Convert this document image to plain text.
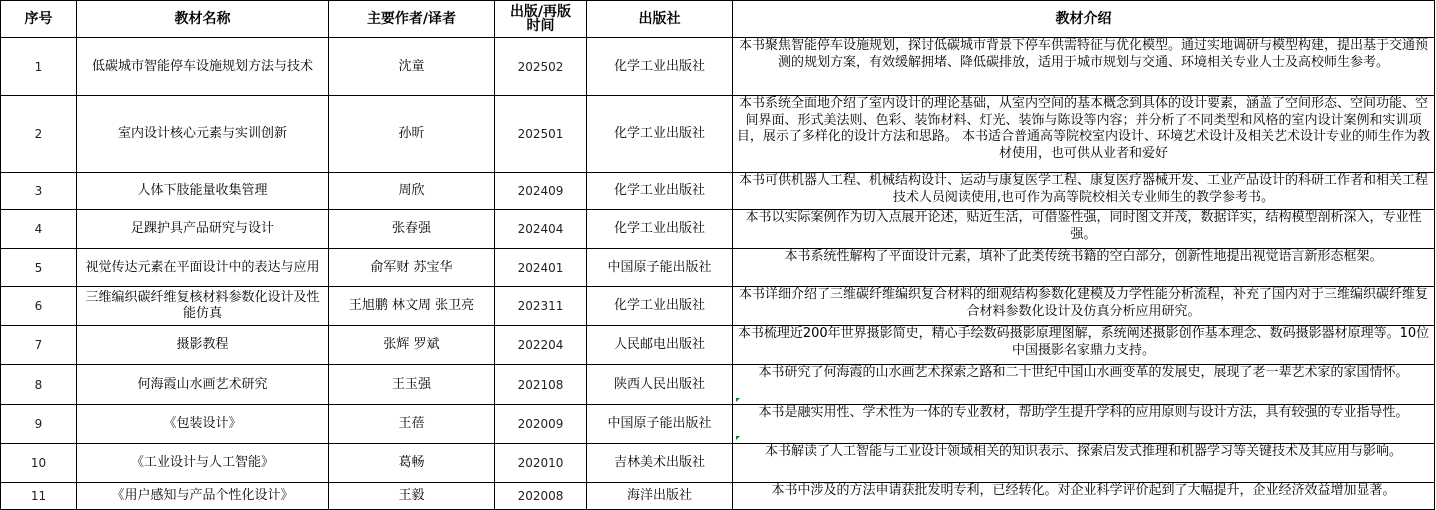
序号	教材名称	主要作者/译者	出版/再版时间	出版社	教材介绍

1	低碳城市智能停车设施规划方法与技术	沈童	202502	化学工业出版社	本书聚焦智能停车设施规划，探讨低碳城市背景下停车供需特征与优化模型。通过实地调研与模型构建，提出基于交通预测的规划方案，有效缓解拥堵、降低碳排放，适用于城市规划与交通、环境相关专业人士及高校师生参考。

2	室内设计核心元素与实训创新	孙昕	202501	化学工业出版社	本书系统全面地介绍了室内设计的理论基础，从室内空间的基本概念到具体的设计要素，涵盖了空间形态、空间功能、空间界面、形式美法则、色彩、装饰材料、灯光、装饰与陈设等内容；并分析了不同类型和风格的室内设计案例和实训项目，展示了多样化的设计方法和思路。 本书适合普通高等院校室内设计、环境艺术设计及相关艺术设计专业的师生作为教材使用，也可供从业者和爱好

3	人体下肢能量收集管理	周欣	202409	化学工业出版社	本书可供机器人工程、机械结构设计、运动与康复医学工程、康复医疗器械开发、工业产品设计的科研工作者和相关工程技术人员阅读使用,也可作为高等院校相关专业师生的教学参考书。

4	足踝护具产品研究与设计	张春强	202404	化学工业出版社	本书以实际案例作为切入点展开论述，贴近生活，可借鉴性强，同时图文并茂，数据详实，结构模型剖析深入，专业性强。

5	视觉传达元素在平面设计中的表达与应用	俞军财 苏宝华	202401	中国原子能出版社	本书系统性解构了平面设计元素，填补了此类传统书籍的空白部分，创新性地提出视觉语言新形态框架。

6	三维编织碳纤维复核材料参数化设计及性能仿真	王旭鹏 林文周 张卫亮	202311	化学工业出版社	本书详细介绍了三维碳纤维编织复合材料的细观结构参数化建模及力学性能分析流程，补充了国内对于三维编织碳纤维复合材料参数化设计及仿真分析应用研究。

7	摄影教程	张辉 罗斌	202204	人民邮电出版社	本书梳理近200年世界摄影简史，精心手绘数码摄影原理图解，系统阐述摄影创作基本理念、数码摄影器材原理等。10位中国摄影名家鼎力支持。

8	何海霞山水画艺术研究	王玉强	202108	陕西人民出版社	本书研究了何海霞的山水画艺术探索之路和二十世纪中国山水画变革的发展史，展现了老一辈艺术家的家国情怀。

9	《包装设计》	王蓓	202009	中国原子能出版社	本书是融实用性、学术性为一体的专业教材，帮助学生提升学科的应用原则与设计方法，具有较强的专业指导性。

10	《工业设计与人工智能》	葛畅	202010	吉林美术出版社	本书解读了人工智能与工业设计领域相关的知识表示、探索启发式推理和机器学习等关键技术及其应用与影响。

11	《用户感知与产品个性化设计》	王毅	202008	海洋出版社	本书中涉及的方法申请获批发明专利，已经转化。对企业科学评价起到了大幅提升，企业经济效益增加显著。
